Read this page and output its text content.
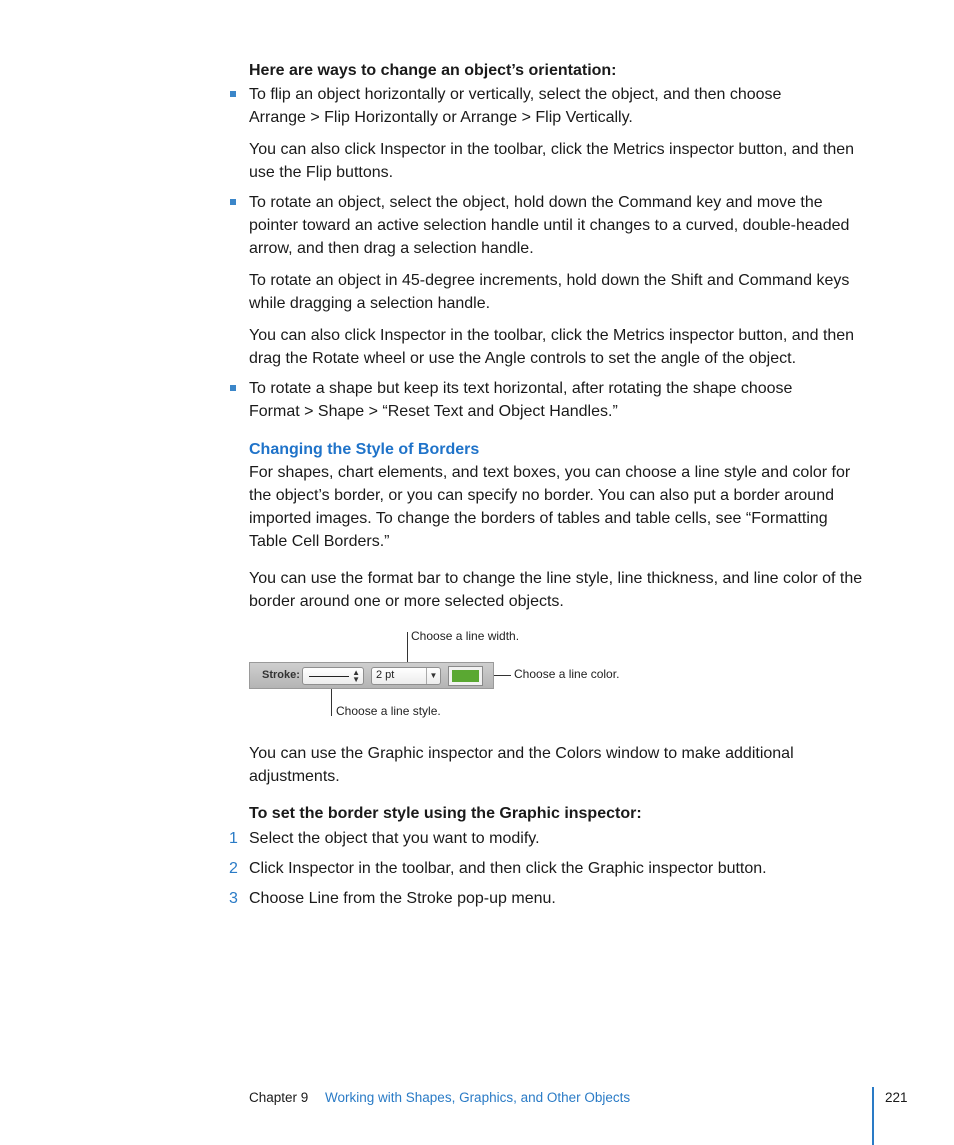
Here are ways to change an object’s orientation:
To flip an object horizontally or vertically, select the object, and then choose
Arrange > Flip Horizontally or Arrange > Flip Vertically.
You can also click Inspector in the toolbar, click the Metrics inspector button, and then
use the Flip buttons.
To rotate an object, select the object, hold down the Command key and move the
pointer toward an active selection handle until it changes to a curved, double-headed
arrow, and then drag a selection handle.
To rotate an object in 45-degree increments, hold down the Shift and Command keys
while dragging a selection handle.
You can also click Inspector in the toolbar, click the Metrics inspector button, and then
drag the Rotate wheel or use the Angle controls to set the angle of the object.
To rotate a shape but keep its text horizontal, after rotating the shape choose
Format > Shape > “Reset Text and Object Handles.”
Changing the Style of Borders
For shapes, chart elements, and text boxes, you can choose a line style and color for
the object’s border, or you can specify no border. You can also put a border around
imported images. To change the borders of tables and table cells, see “Formatting
Table Cell Borders.”
You can use the format bar to change the line style, line thickness, and line color of the
border around one or more selected objects.
Choose a line width.
Stroke:	▲
▼ 2 pt	▼	Choose a line color.
Choose a line style.
You can use the Graphic inspector and the Colors window to make additional
adjustments.
To set the border style using the Graphic inspector:
1 Select the object that you want to modify.
2 Click Inspector in the toolbar, and then click the Graphic inspector button.
3 Choose Line from the Stroke pop-up menu.
Chapter 9 Working with Shapes, Graphics, and Other Objects	221
